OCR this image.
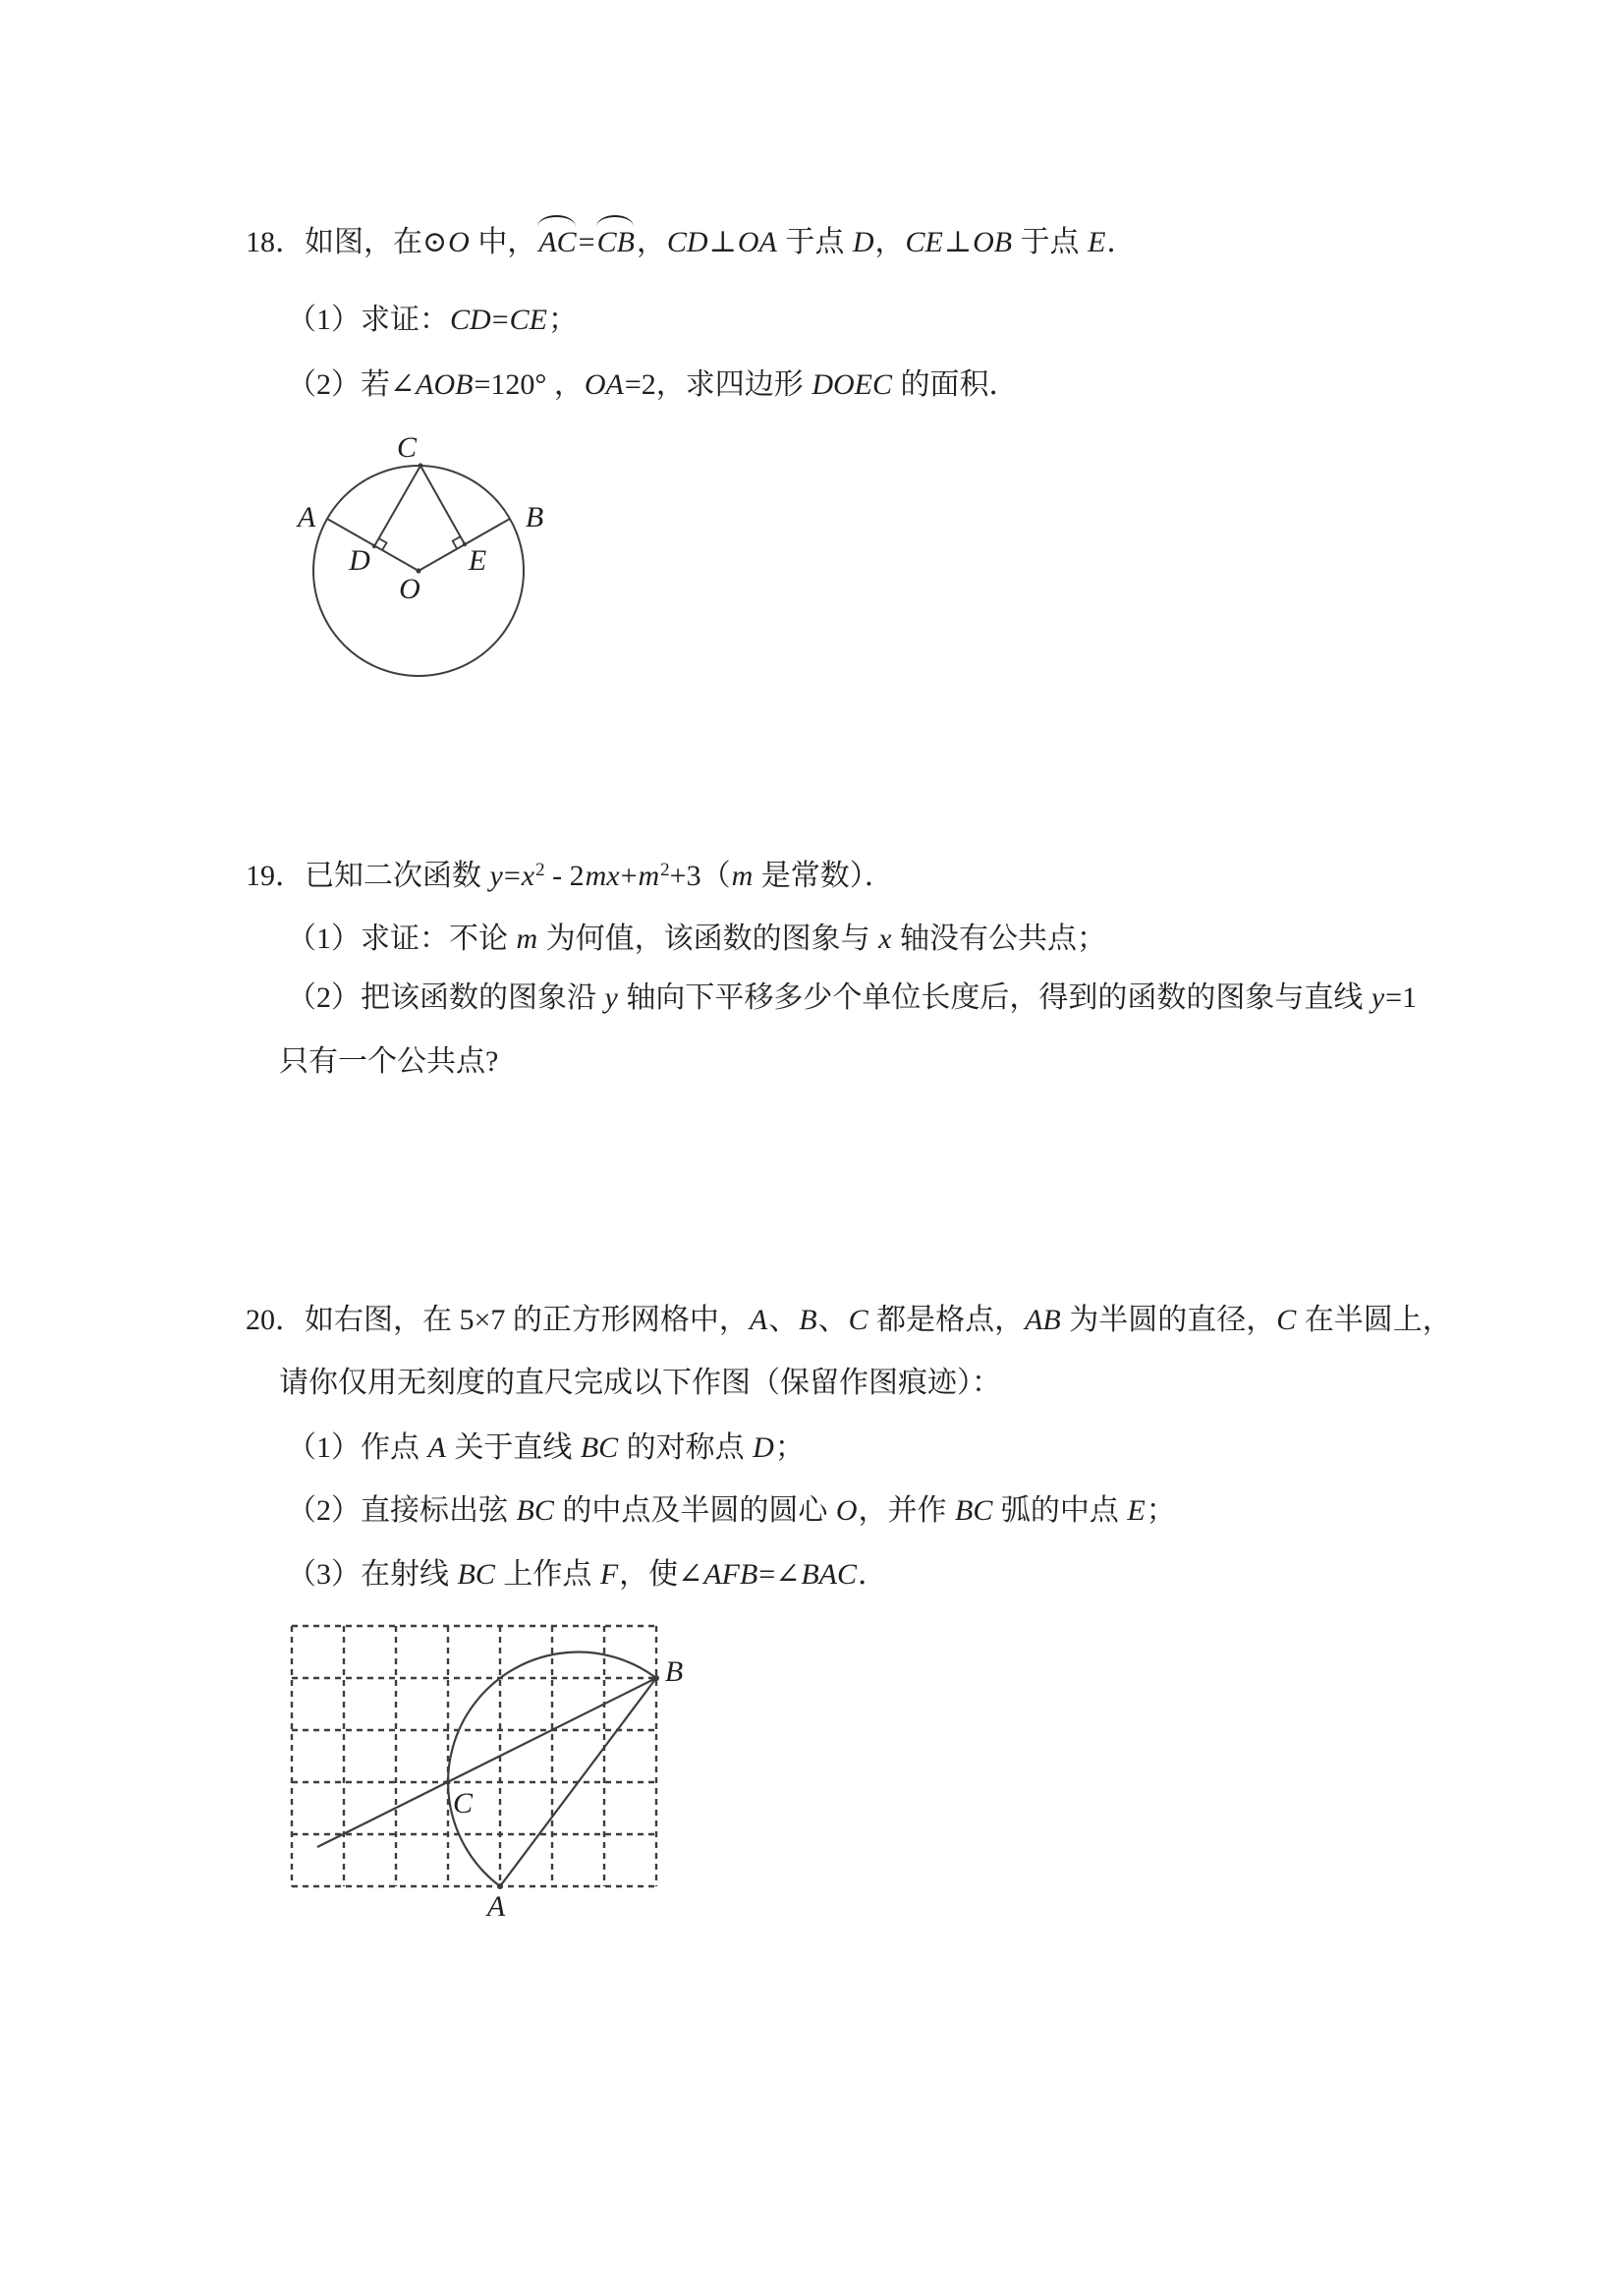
18．如图，在⊙O 中，AC=CB，CD⊥OA 于点 D，CE⊥OB 于点 E．
（1）求证：CD=CE；
（2）若∠AOB=120° ，OA=2，求四边形 DOEC 的面积．
A	B
C
D	E
O
19．已知二次函数 $y=x^2 - 2mx+m^2+3(m$ 是常数）．
（1）求证：不论 m 为何值，该函数的图象与 x 轴没有公共点；
（2）把该函数的图象沿 y 轴向下平移多少个单位长度后，得到的函数的图象与直线 y=1
只有一个公共点?
20．如右图，在 5×7 的正方形网格中，A、B、C 都是格点，AB 为半圆的直径，C 在半圆上，
请你仅用无刻度的直尺完成以下作图（保留作图痕迹）：
（1）作点 A 关于直线 BC 的对称点 D；
（2）直接标出弦 BC 的中点及半圆的圆心 O，并作 BC 弧的中点 E；
（3）在射线 BC 上作点 F，使∠AFB=∠BAC．
A
B
C
